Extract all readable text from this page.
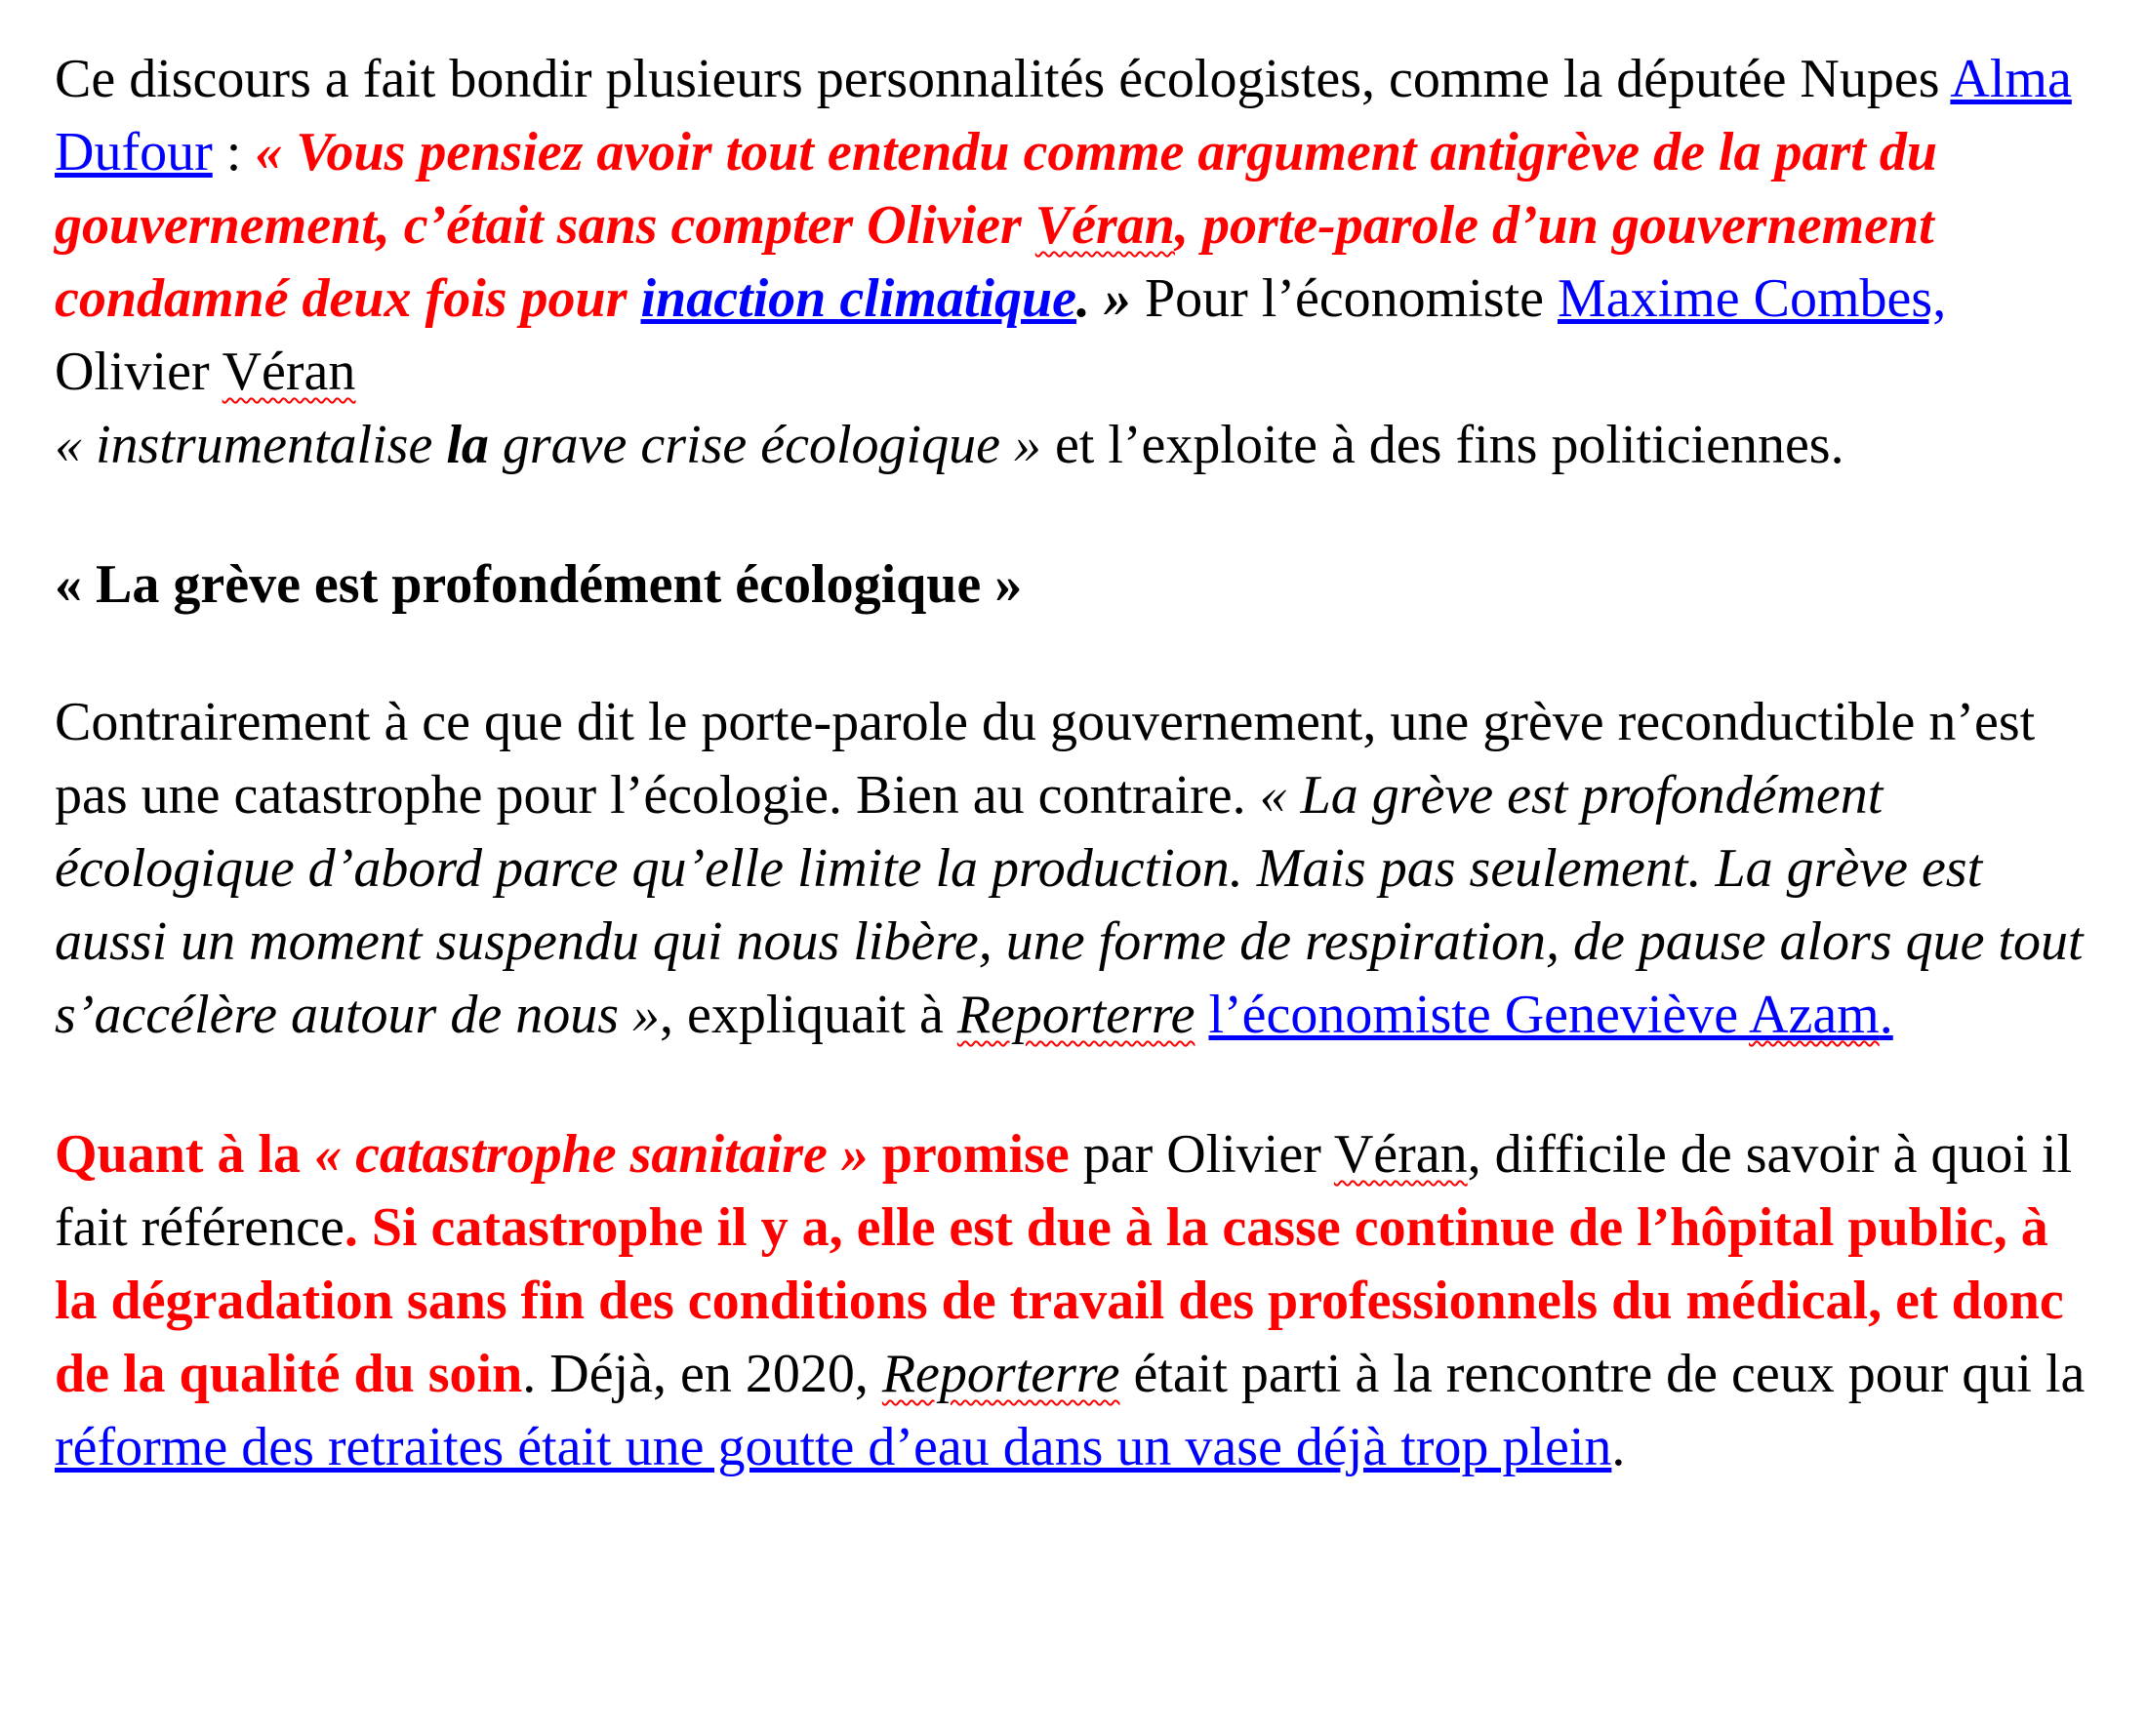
Ce discours a fait bondir plusieurs personnalités écologistes, comme la députée Nupes Alma Dufour : « Vous pensiez avoir tout entendu comme argument antigrève de la part du gouvernement, c’était sans compter Olivier Véran, porte-parole d’un gouvernement condamné deux fois pour inaction climatique. » Pour l’économiste Maxime Combes, Olivier Véran
« instrumentalise la grave crise écologique » et l’exploite à des fins politiciennes.

« La grève est profondément écologique »

Contrairement à ce que dit le porte-parole du gouvernement, une grève reconductible n’est pas une catastrophe pour l’écologie. Bien au contraire. « La grève est profondément écologique d’abord parce qu’elle limite la production. Mais pas seulement. La grève est aussi un moment suspendu qui nous libère, une forme de respiration, de pause alors que tout s’accélère autour de nous », expliquait à Reporterre l’économiste Geneviève Azam.

Quant à la « catastrophe sanitaire » promise par Olivier Véran, difficile de savoir à quoi il fait référence. Si catastrophe il y a, elle est due à la casse continue de l’hôpital public, à la dégradation sans fin des conditions de travail des professionnels du médical, et donc de la qualité du soin. Déjà, en 2020, Reporterre était parti à la rencontre de ceux pour qui la réforme des retraites était une goutte d’eau dans un vase déjà trop plein.
